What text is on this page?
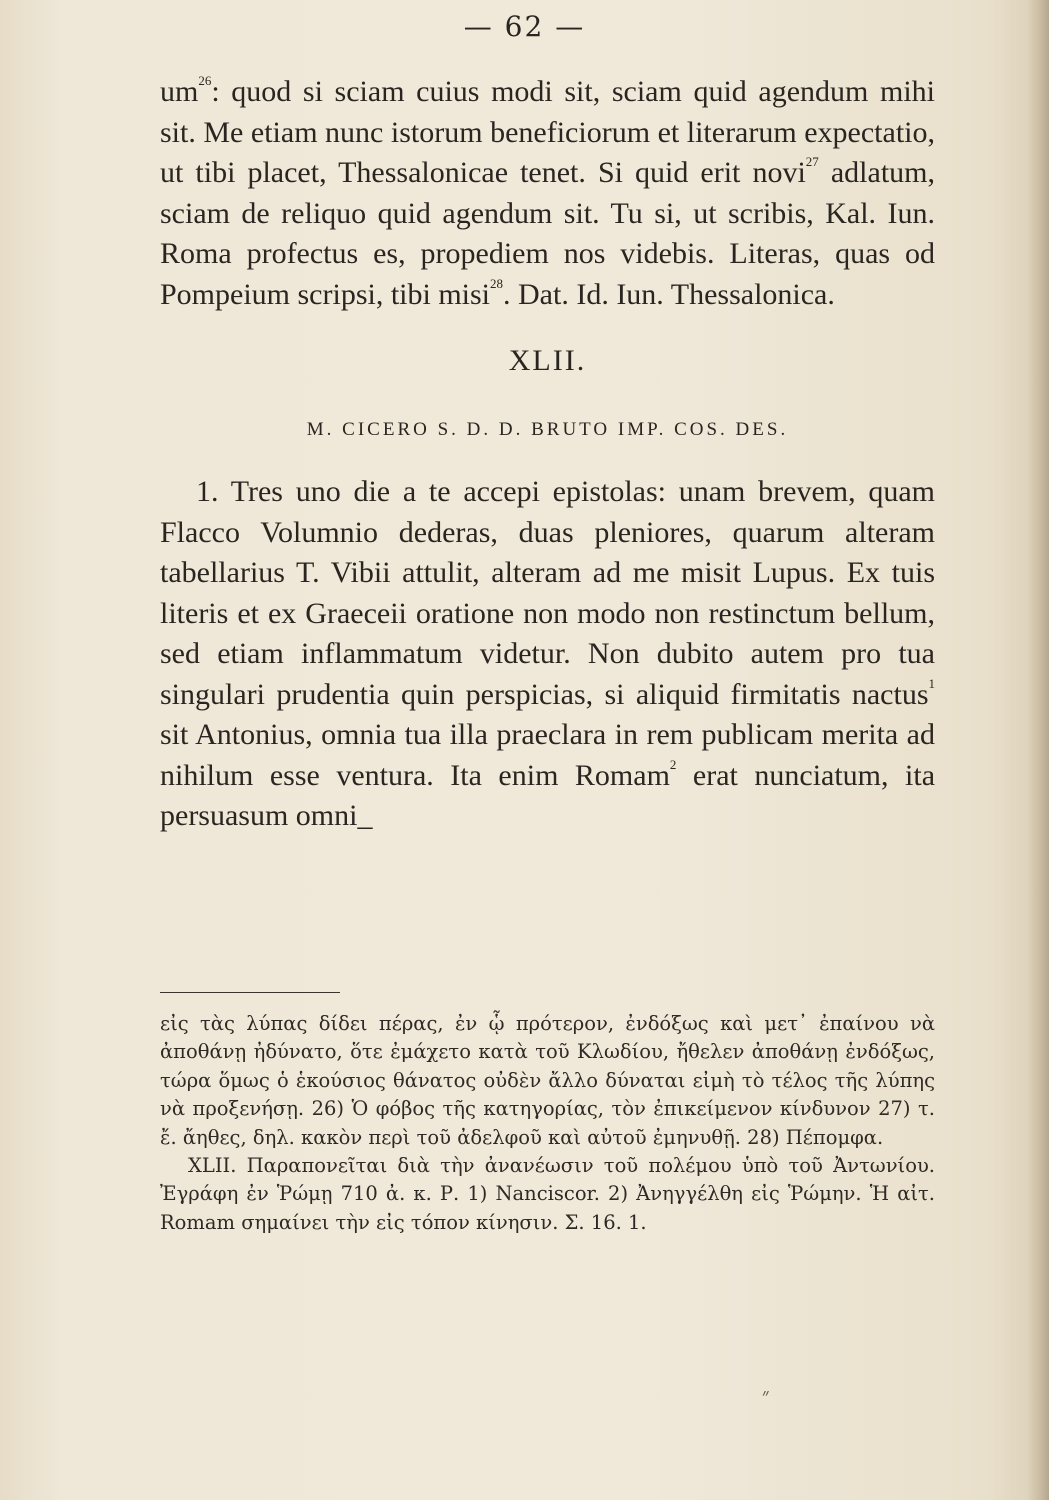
— 62 —

$um^{26}$: quod si sciam cuius modi sit, sciam quid agendum mihi sit. Me etiam nunc istorum beneficiorum et literarum expectatio, ut tibi placet, Thessalonicae tenet. Si quid erit novi$^{27}$ adlatum, sciam de reliquo quid agendum sit. Tu si, ut scribis, Kal. Iun. Roma profectus es, propediem nos videbis. Literas, quas od Pompeium scripsi, tibi misi$^{28}$. Dat. Id. Iun. Thessalonica.

XLII.
M. CICERO S. D. D. BRUTO IMP. COS. DES.

1. Tres uno die a te accepi epistolas: unam brevem, quam Flacco Volumnio dederas, duas pleniores, quarum alteram tabellarius T. Vibii attulit, alteram ad me misit Lupus. Ex tuis literis et ex Graeceii oratione non modo non restinctum bellum, sed etiam inflammatum videtur. Non dubito autem pro tua singulari prudentia quin perspicias, si aliquid firmitatis nactus$^1$ sit Antonius, omnia tua illa praeclara in rem publicam merita ad nihilum esse ventura. Ita enim Romam$^2$ erat nunciatum, ita persuasum omni_

εἰς τὰς λύπας δίδει πέρας, ἐν ᾧ πρότερον, ἐνδόξως καὶ μετ᾽ ἐπαίνου νὰ ἀποθάνῃ ἠδύνατο, ὅτε ἐμάχετο κατὰ τοῦ Κλωδίου, ἤθελεν ἀποθάνῃ ἐνδόξως, τώρα ὅμως ὁ ἑκούσιος θάνατος οὐδὲν ἄλλο δύναται εἰμὴ τὸ τέλος τῆς λύπης νὰ προξενήσῃ. 26) Ὁ φόβος τῆς κατηγορίας, τὸν ἐπικείμενον κίνδυνον 27) τ. ἔ. ἄηθες, δηλ. κακὸν περὶ τοῦ ἀδελφοῦ καὶ αὐτοῦ ἐμηνυθῇ. 28) Πέπομφα.

XLII. Παραπονεῖται διὰ τὴν ἀνανέωσιν τοῦ πολέμου ὑπὸ τοῦ Ἀντωνίου. Ἐγράφη ἐν Ῥώμῃ 710 ἀ. κ. Ρ. 1) Nanciscor. 2) Ἀνηγγέλθη εἰς Ῥώμην. Ἡ αἰτ. Romam σημαίνει τὴν εἰς τόπον κίνησιν. Σ. 16. 1.

״
